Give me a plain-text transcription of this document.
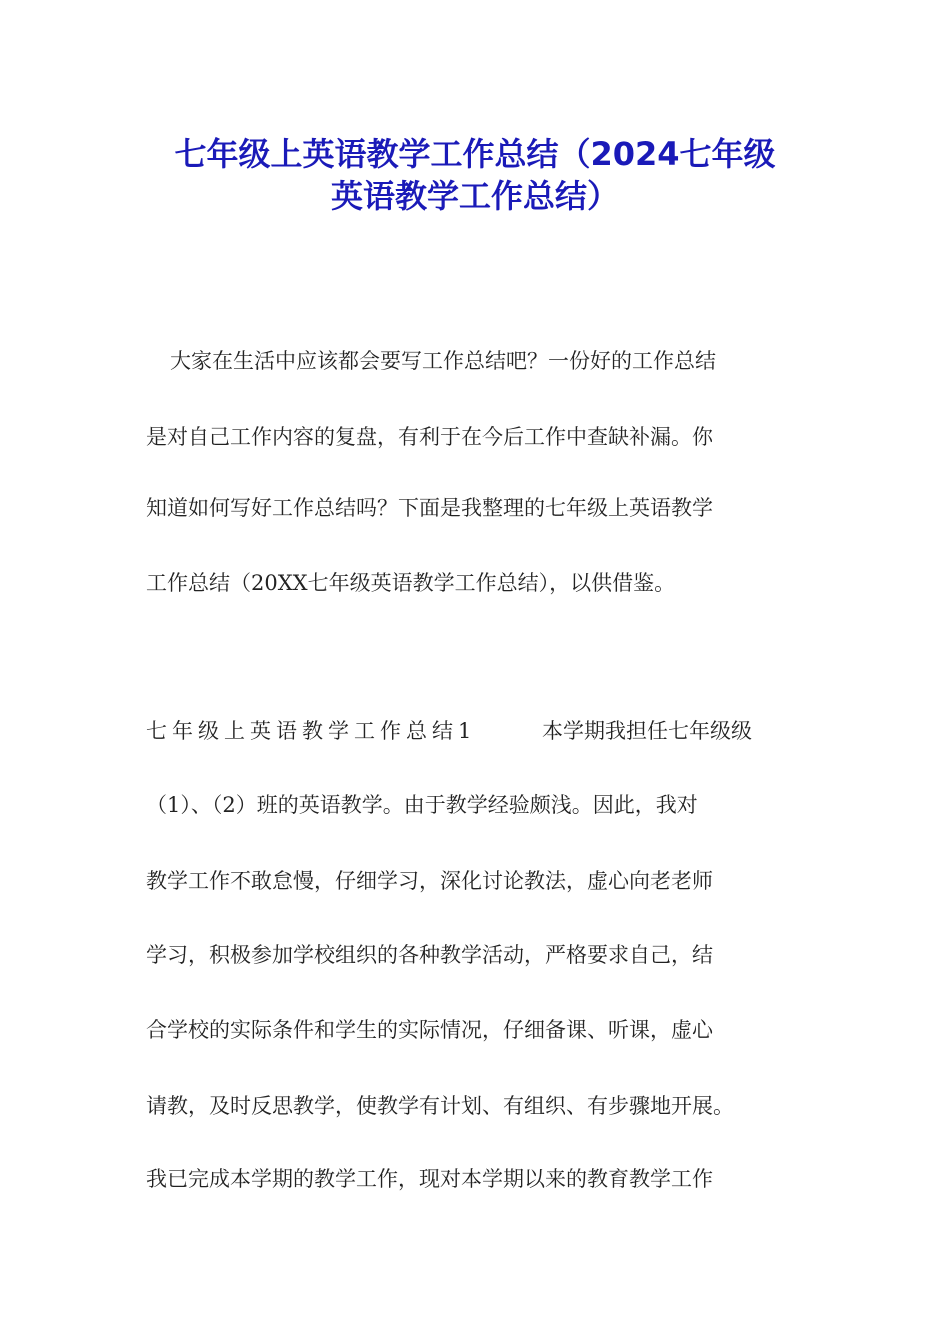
七年级上英语教学工作总结（2024七年级
英语教学工作总结）
大家在生活中应该都会要写工作总结吧？一份好的工作总结
是对自己工作内容的复盘，有利于在今后工作中查缺补漏。你
知道如何写好工作总结吗？下面是我整理的七年级上英语教学
工作总结（20XX七年级英语教学工作总结），以供借鉴。
七年级上英语教学工作总结1	本学期我担任七年级级
（1）、（2）班的英语教学。由于教学经验颇浅。因此，我对
教学工作不敢怠慢，仔细学习，深化讨论教法，虚心向老老师
学习，积极参加学校组织的各种教学活动，严格要求自己，结
合学校的实际条件和学生的实际情况，仔细备课、听课，虚心
请教，及时反思教学，使教学有计划、有组织、有步骤地开展。
我已完成本学期的教学工作，现对本学期以来的教育教学工作
